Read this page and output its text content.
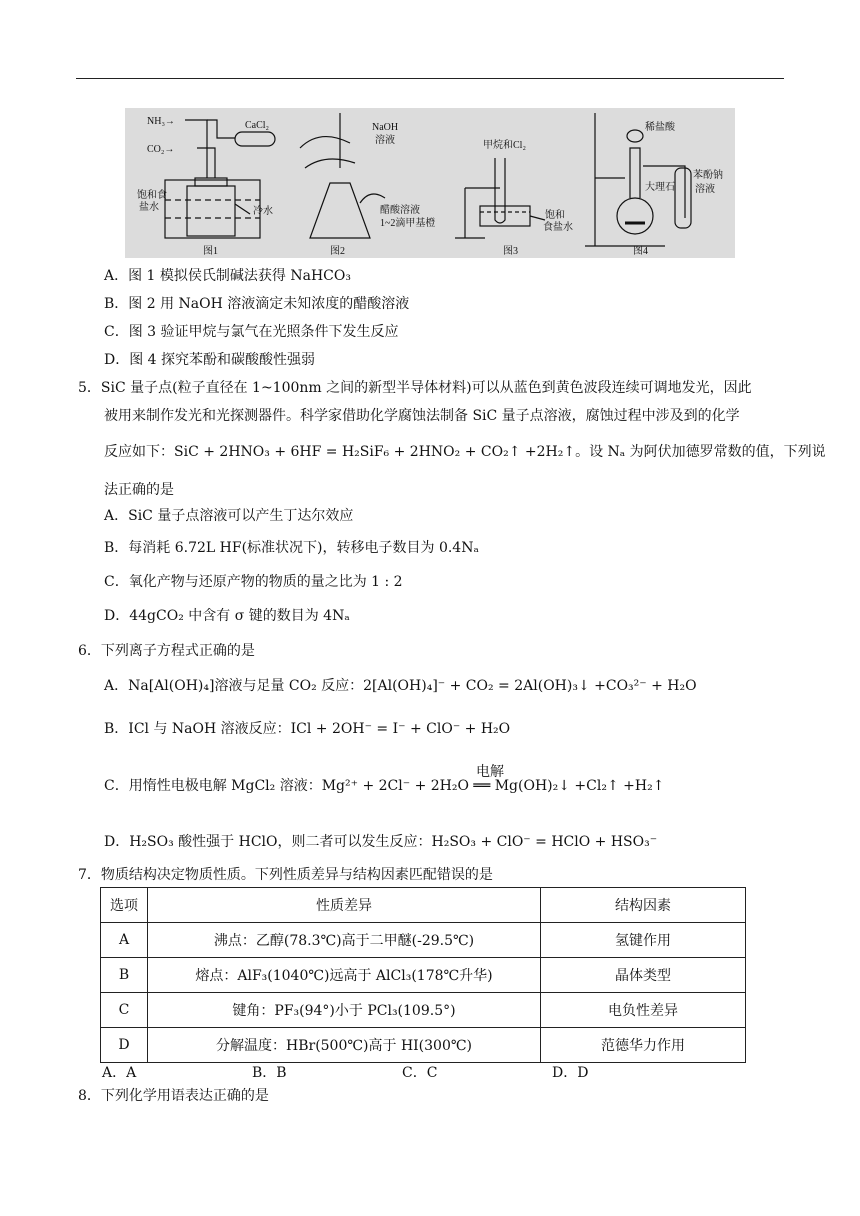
NH₃→
CO₂→
CaCl₂
饱和食
盐水	冷水
NaOH
溶液
醋酸溶液
1~2滴甲基橙
甲烷和Cl₂
饱和
食盐水
稀盐酸
大理石
苯酚钠
溶液
图1	图2	图3	图4
A．图 1 模拟侯氏制碱法获得 NaHCO₃
B．图 2 用 NaOH 溶液滴定未知浓度的醋酸溶液
C．图 3 验证甲烷与氯气在光照条件下发生反应
D．图 4 探究苯酚和碳酸酸性强弱
5．SiC 量子点(粒子直径在 1~100nm 之间的新型半导体材料)可以从蓝色到黄色波段连续可调地发光，因此
被用来制作发光和光探测器件。科学家借助化学腐蚀法制备 SiC 量子点溶液，腐蚀过程中涉及到的化学
反应如下：SiC + 2HNO₃ + 6HF = H₂SiF₆ + 2HNO₂ + CO₂↑ +2H₂↑。设 Nₐ 为阿伏加德罗常数的值，下列说
法正确的是
A．SiC 量子点溶液可以产生丁达尔效应
B．每消耗 6.72L HF(标准状况下)，转移电子数目为 0.4Nₐ
C．氧化产物与还原产物的物质的量之比为 1 : 2
D．44gCO₂ 中含有 σ 键的数目为 4Nₐ
6．下列离子方程式正确的是
A．Na[Al(OH)₄]溶液与足量 CO₂ 反应：2[Al(OH)₄]⁻ + CO₂ = 2Al(OH)₃↓ +CO₃²⁻ + H₂O
B．ICl 与 NaOH 溶液反应：ICl + 2OH⁻ = I⁻ + ClO⁻ + H₂O
电解
C．用惰性电极电解 MgCl₂ 溶液：Mg²⁺ + 2Cl⁻ + 2H₂O ══ Mg(OH)₂↓ +Cl₂↑ +H₂↑
D．H₂SO₃ 酸性强于 HClO，则二者可以发生反应：H₂SO₃ + ClO⁻ = HClO + HSO₃⁻
7．物质结构决定物质性质。下列性质差异与结构因素匹配错误的是
选项	性质差异	结构因素
A	沸点：乙醇(78.3℃)高于二甲醚(-29.5℃)	氢键作用
B	熔点：AlF₃(1040℃)远高于 AlCl₃(178℃升华)	晶体类型
C	键角：PF₃(94°)小于 PCl₃(109.5°)	电负性差异
D	分解温度：HBr(500℃)高于 HI(300℃)	范德华力作用
A．A	B．B	C．C	D．D
8．下列化学用语表达正确的是
